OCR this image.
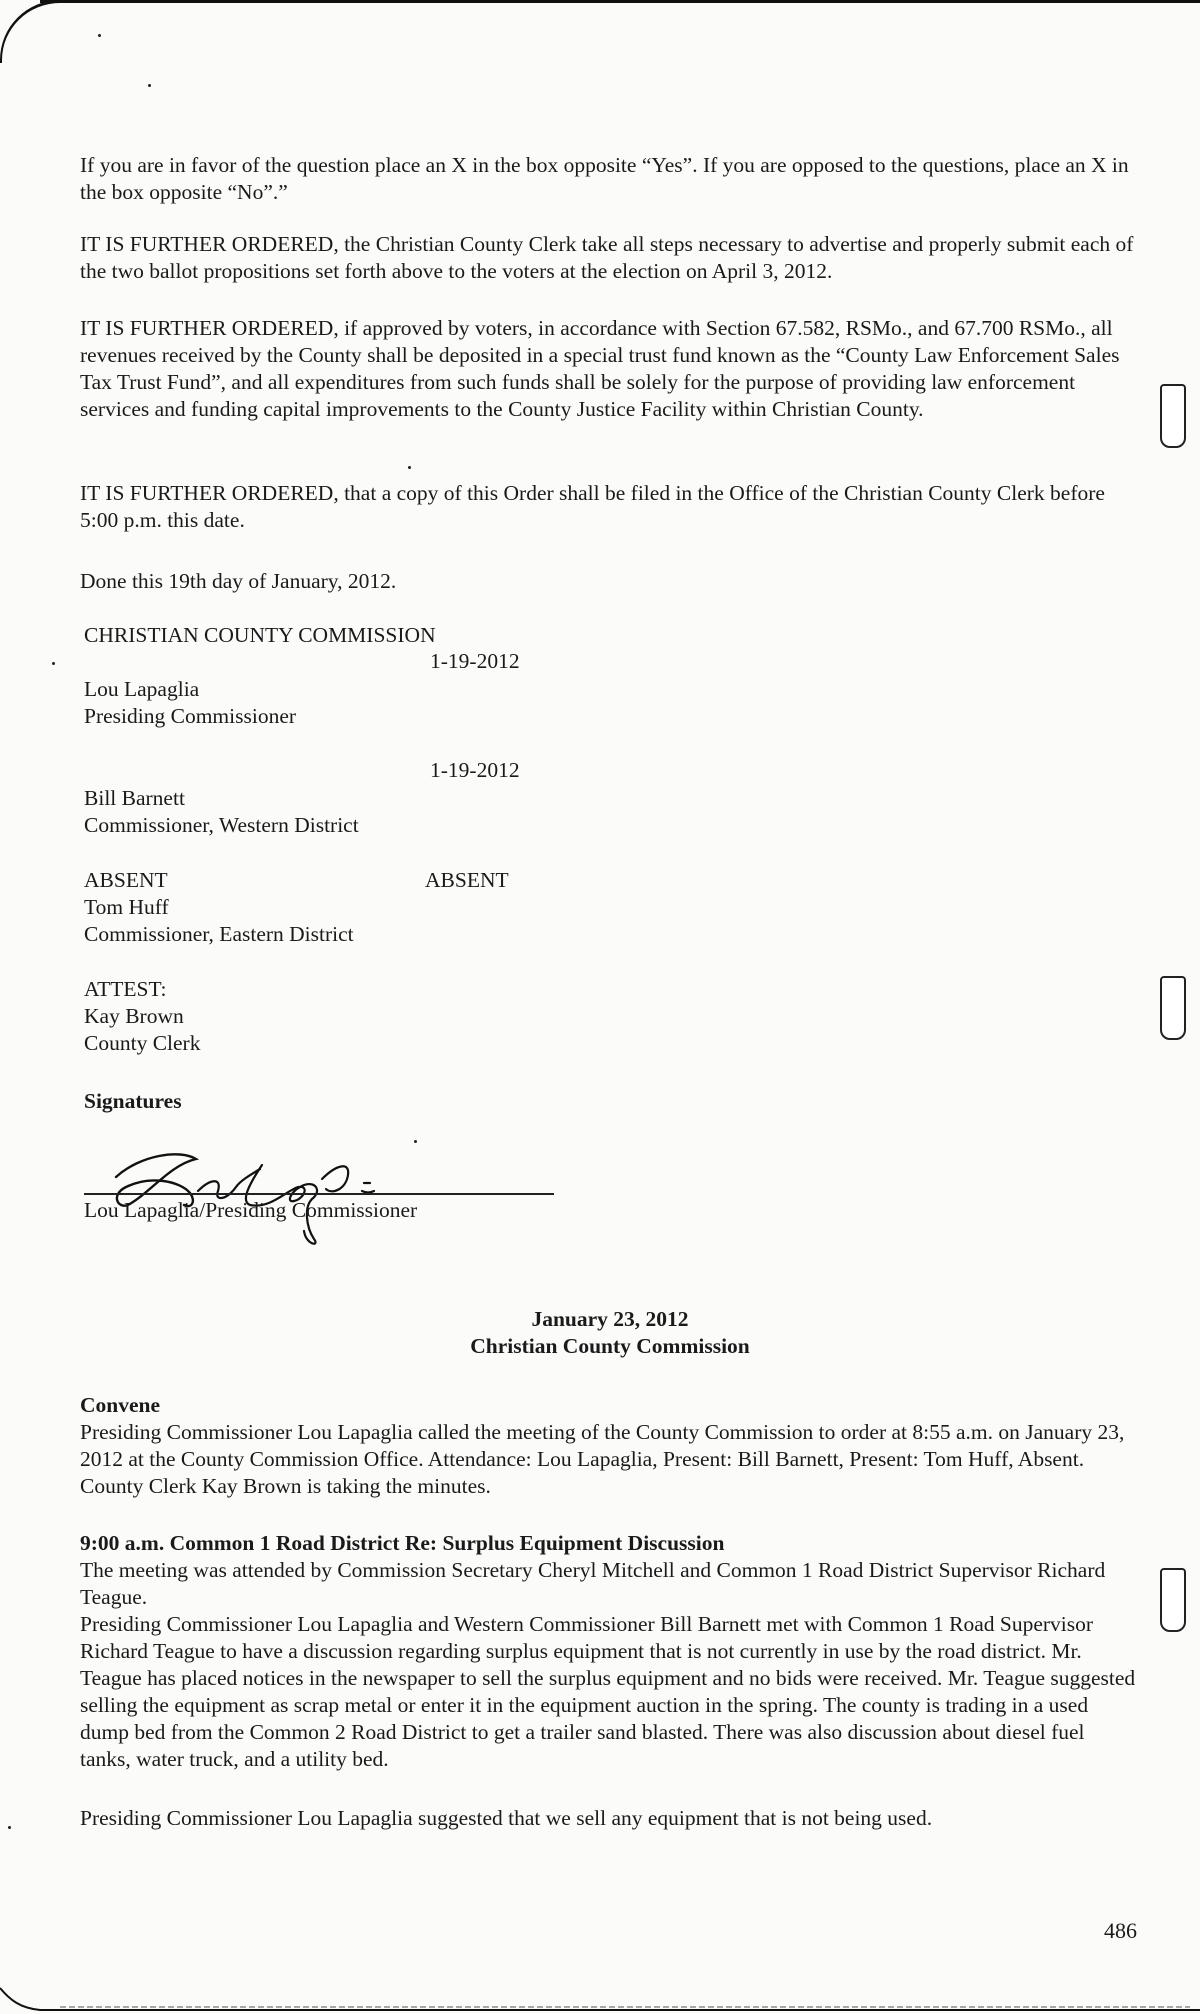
If you are in favor of the question place an X in the box opposite “Yes”. If you are opposed to the questions, place an X in the box opposite “No”.”

IT IS FURTHER ORDERED, the Christian County Clerk take all steps necessary to advertise and properly submit each of the two ballot propositions set forth above to the voters at the election on April 3, 2012.

IT IS FURTHER ORDERED, if approved by voters, in accordance with Section 67.582, RSMo., and 67.700 RSMo., all revenues received by the County shall be deposited in a special trust fund known as the “County Law Enforcement Sales Tax Trust Fund”, and all expenditures from such funds shall be solely for the purpose of providing law enforcement services and funding capital improvements to the County Justice Facility within Christian County.

IT IS FURTHER ORDERED, that a copy of this Order shall be filed in the Office of the Christian County Clerk before 5:00 p.m. this date.

Done this 19th day of January, 2012.

CHRISTIAN COUNTY COMMISSION
1-19-2012
Lou Lapaglia
Presiding Commissioner
1-19-2012
Bill Barnett
Commissioner, Western District
ABSENT	ABSENT
Tom Huff
Commissioner, Eastern District
ATTEST:
Kay Brown
County Clerk
Signatures
Lou Lapaglia/Presiding Commissioner

January 23, 2012

Christian County Commission

Convene

Presiding Commissioner Lou Lapaglia called the meeting of the County Commission to order at 8:55 a.m. on January 23, 2012 at the County Commission Office. Attendance: Lou Lapaglia, Present: Bill Barnett, Present: Tom Huff, Absent. County Clerk Kay Brown is taking the minutes.

9:00 a.m. Common 1 Road District Re: Surplus Equipment Discussion

The meeting was attended by Commission Secretary Cheryl Mitchell and Common 1 Road District Supervisor Richard Teague.

Presiding Commissioner Lou Lapaglia and Western Commissioner Bill Barnett met with Common 1 Road Supervisor Richard Teague to have a discussion regarding surplus equipment that is not currently in use by the road district. Mr. Teague has placed notices in the newspaper to sell the surplus equipment and no bids were received. Mr. Teague suggested selling the equipment as scrap metal or enter it in the equipment auction in the spring. The county is trading in a used dump bed from the Common 2 Road District to get a trailer sand blasted. There was also discussion about diesel fuel tanks, water truck, and a utility bed.

Presiding Commissioner Lou Lapaglia suggested that we sell any equipment that is not being used.

486
